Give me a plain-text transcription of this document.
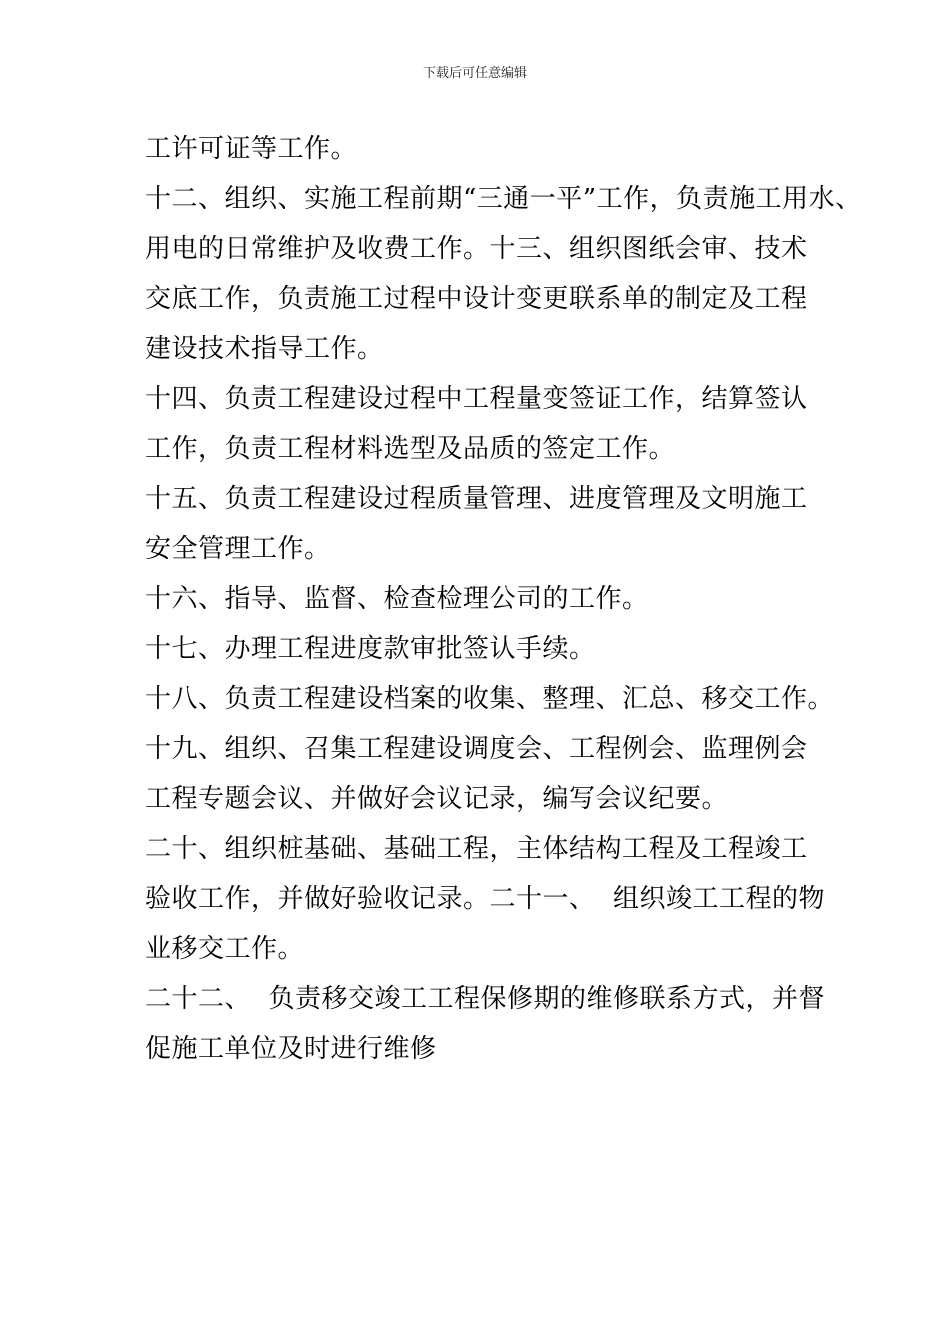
下载后可任意编辑
工许可证等工作。
十二、组织、实施工程前期“三通一平”工作，负责施工用水、
用电的日常维护及收费工作。十三、组织图纸会审、技术
交底工作，负责施工过程中设计变更联系单的制定及工程
建设技术指导工作。
十四、负责工程建设过程中工程量变签证工作，结算签认
工作，负责工程材料选型及品质的签定工作。
十五、负责工程建设过程质量管理、进度管理及文明施工
安全管理工作。
十六、指导、监督、检查检理公司的工作。
十七、办理工程进度款审批签认手续。
十八、负责工程建设档案的收集、整理、汇总、移交工作。
十九、组织、召集工程建设调度会、工程例会、监理例会
工程专题会议、并做好会议记录，编写会议纪要。
二十、组织桩基础、基础工程，主体结构工程及工程竣工
验收工作，并做好验收记录。二十一、  组织竣工工程的物
业移交工作。
二十二、  负责移交竣工工程保修期的维修联系方式，并督
促施工单位及时进行维修
